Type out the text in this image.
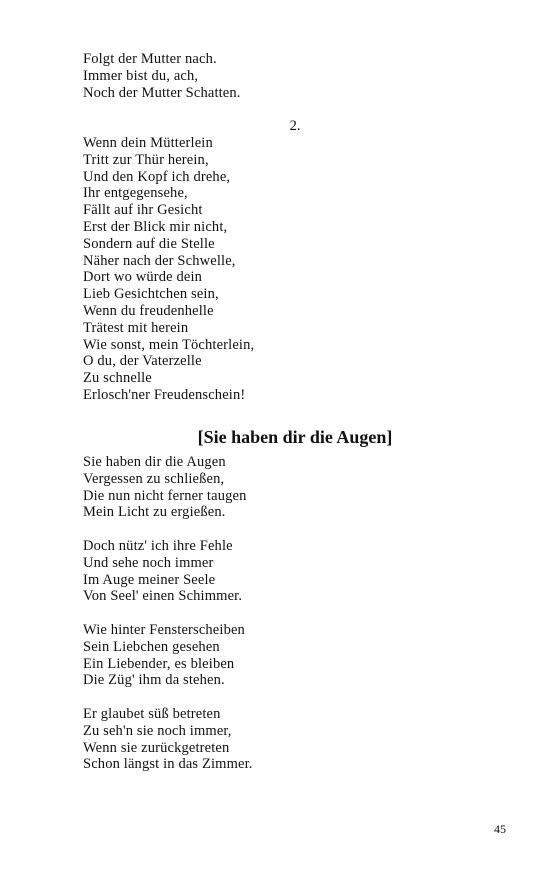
Folgt der Mutter nach.
Immer bist du, ach,
Noch der Mutter Schatten.
2.
Wenn dein Mütterlein
Tritt zur Thür herein,
Und den Kopf ich drehe,
Ihr entgegensehe,
Fällt auf ihr Gesicht
Erst der Blick mir nicht,
Sondern auf die Stelle
Näher nach der Schwelle,
Dort wo würde dein
Lieb Gesichtchen sein,
Wenn du freudenhelle
Trätest mit herein
Wie sonst, mein Töchterlein,
O du, der Vaterzelle
Zu schnelle
Erlosch'ner Freudenschein!
[Sie haben dir die Augen]
Sie haben dir die Augen
Vergessen zu schließen,
Die nun nicht ferner taugen
Mein Licht zu ergießen.
Doch nütz' ich ihre Fehle
Und sehe noch immer
Im Auge meiner Seele
Von Seel' einen Schimmer.
Wie hinter Fensterscheiben
Sein Liebchen gesehen
Ein Liebender, es bleiben
Die Züg' ihm da stehen.
Er glaubet süß betreten
Zu seh'n sie noch immer,
Wenn sie zurückgetreten
Schon längst in das Zimmer.
45
